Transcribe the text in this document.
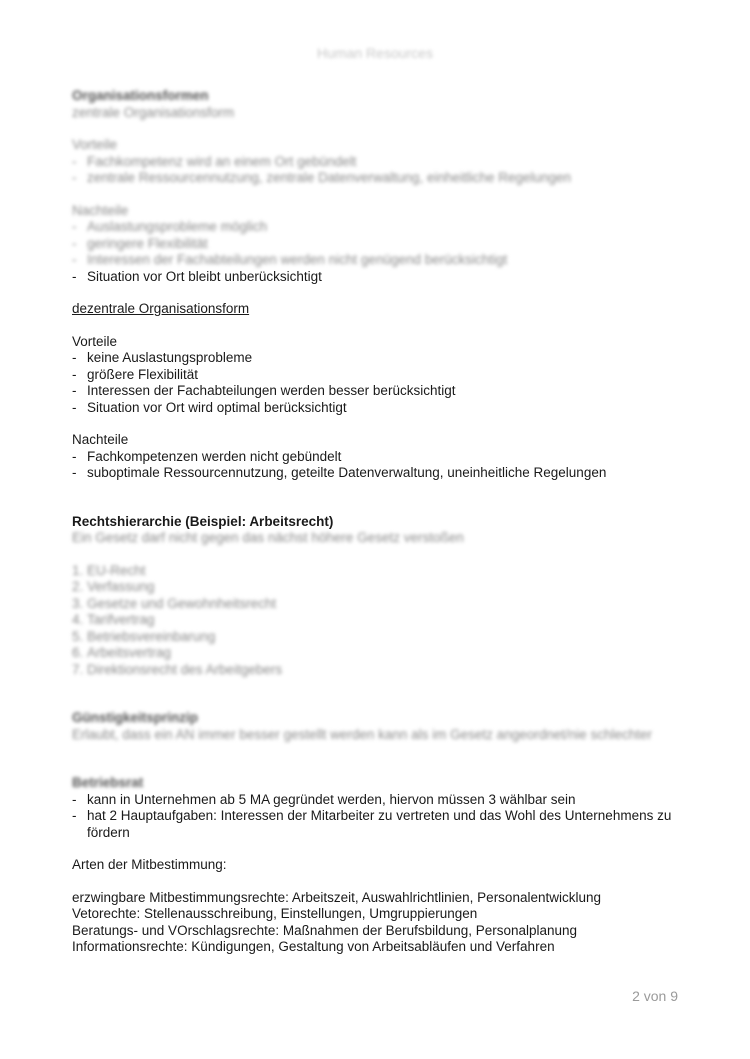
Human Resources
Organisationsformen
zentrale Organisationsform
Vorteile
- Fachkompetenz wird an einem Ort gebündelt
- zentrale Ressourcennutzung, zentrale Datenverwaltung, einheitliche Regelungen
Nachteile
- Auslastungsprobleme möglich
- geringere Flexibilität
- Interessen der Fachabteilungen werden nicht genügend berücksichtigt
- Situation vor Ort bleibt unberücksichtigt
dezentrale Organisationsform
Vorteile
- keine Auslastungsprobleme
- größere Flexibilität
- Interessen der Fachabteilungen werden besser berücksichtigt
- Situation vor Ort wird optimal berücksichtigt
Nachteile
- Fachkompetenzen werden nicht gebündelt
- suboptimale Ressourcennutzung, geteilte Datenverwaltung, uneinheitliche Regelungen
Rechtshierarchie (Beispiel: Arbeitsrecht)
Ein Gesetz darf nicht gegen das nächst höhere Gesetz verstoßen
1. EU-Recht
2. Verfassung
3. Gesetze und Gewohnheitsrecht
4. Tarifvertrag
5. Betriebsvereinbarung
6. Arbeitsvertrag
7. Direktionsrecht des Arbeitgebers
Günstigkeitsprinzip
Erlaubt, dass ein AN immer besser gestellt werden kann als im Gesetz angeordnet/nie schlechter
Betriebsrat
- kann in Unternehmen ab 5 MA gegründet werden, hiervon müssen 3 wählbar sein
- hat 2 Hauptaufgaben: Interessen der Mitarbeiter zu vertreten und das Wohl des Unternehmens zu fördern
Arten der Mitbestimmung:
erzwingbare Mitbestimmungsrechte: Arbeitszeit, Auswahlrichtlinien, Personalentwicklung
Vetorechte: Stellenausschreibung, Einstellungen, Umgruppierungen
Beratungs- und VOrschlagsrechte: Maßnahmen der Berufsbildung, Personalplanung
Informationsrechte: Kündigungen, Gestaltung von Arbeitsabläufen und Verfahren
2 von 9
